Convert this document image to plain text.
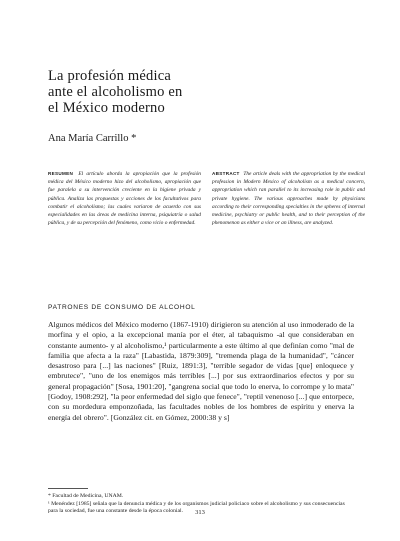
La profesión médica
ante el alcoholismo en
el México moderno
Ana María Carrillo *
RESUMEN El artículo aborda la apropiación que la profesión médica del México moderno hizo del alcoholismo, apropiación que fue paralela a su intervención creciente en la higiene privada y pública. Analiza las propuestas y acciones de los facultativos para combatir el alcoholismo; las cuales variaron de acuerdo con sus especialidades en las áreas de medicina interna, psiquiatría o salud pública, y de su percepción del fenómeno, como vicio o enfermedad.
ABSTRACT The article deals with the appropriation by the medical profession in Modern Mexico of alcoholism as a medical concern, appropriation which ran parallel to its increasing role in public and private hygiene. The various approaches made by physicians according to their corresponding specialties in the spheres of internal medicine, psychiatry or public health, and to their perception of the phenomenon as either a vice or an illness, are analyzed.
PATRONES DE CONSUMO DE ALCOHOL
Algunos médicos del México moderno (1867-1910) dirigieron su atención al uso inmoderado de la morfina y el opio, a la excepcional manía por el éter, al tabaquismo -al que consideraban en constante aumento- y al alcoholismo,¹ particularmente a este último al que definían como "mal de familia que afecta a la raza" [Labastida, 1879:309], "tremenda plaga de la humanidad", "cáncer desastroso para [...] las naciones" [Ruiz, 1891:3], "terrible segador de vidas [que] enloquece y embrutece", "uno de los enemigos más terribles [...] por sus extraordinarios efectos y por su general propagación" [Sosa, 1901:20], "gangrena social que todo lo enerva, lo corrompe y lo mata" [Godoy, 1908:292], "la peor enfermedad del siglo que fenece", "reptil venenoso [...] que entorpece, con su mordedura emponzoñada, las facultades nobles de los hombres de espíritu y enerva la energía del obrero". [González cit. en Gómez, 2000:38 y s]

* Facultad de Medicina, UNAM.

¹ Menéndez [1985] señala que la denuncia médica y de los organismos judicial policiaco sobre el alcoholismo y sus consecuencias para la sociedad, fue una constante desde la época colonial.	313
